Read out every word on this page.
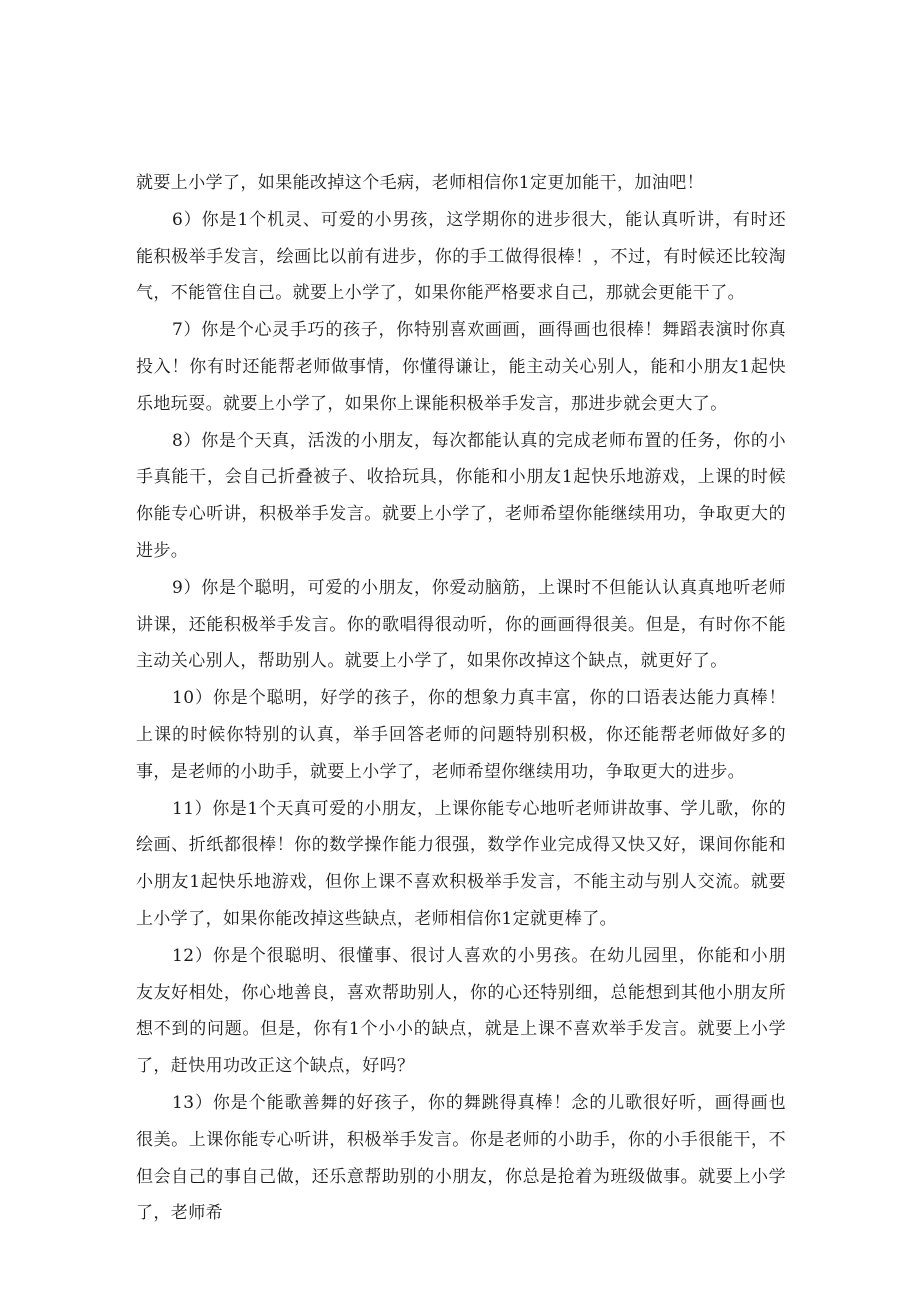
就要上小学了，如果能改掉这个毛病，老师相信你1定更加能干，加油吧！

6）你是1个机灵、可爱的小男孩，这学期你的进步很大，能认真听讲，有时还能积极举手发言，绘画比以前有进步，你的手工做得很棒！，不过，有时候还比较淘气，不能管住自己。就要上小学了，如果你能严格要求自己，那就会更能干了。

7）你是个心灵手巧的孩子，你特别喜欢画画，画得画也很棒！舞蹈表演时你真投入！你有时还能帮老师做事情，你懂得谦让，能主动关心别人，能和小朋友1起快乐地玩耍。就要上小学了，如果你上课能积极举手发言，那进步就会更大了。

8）你是个天真，活泼的小朋友，每次都能认真的完成老师布置的任务，你的小手真能干，会自己折叠被子、收拾玩具，你能和小朋友1起快乐地游戏，上课的时候你能专心听讲，积极举手发言。就要上小学了，老师希望你能继续用功，争取更大的进步。

9）你是个聪明，可爱的小朋友，你爱动脑筋，上课时不但能认认真真地听老师讲课，还能积极举手发言。你的歌唱得很动听，你的画画得很美。但是，有时你不能主动关心别人，帮助别人。就要上小学了，如果你改掉这个缺点，就更好了。

10）你是个聪明，好学的孩子，你的想象力真丰富，你的口语表达能力真棒！上课的时候你特别的认真，举手回答老师的问题特别积极，你还能帮老师做好多的事，是老师的小助手，就要上小学了，老师希望你继续用功，争取更大的进步。

11）你是1个天真可爱的小朋友，上课你能专心地听老师讲故事、学儿歌，你的绘画、折纸都很棒！你的数学操作能力很强，数学作业完成得又快又好，课间你能和小朋友1起快乐地游戏，但你上课不喜欢积极举手发言，不能主动与别人交流。就要上小学了，如果你能改掉这些缺点，老师相信你1定就更棒了。

12）你是个很聪明、很懂事、很讨人喜欢的小男孩。在幼儿园里，你能和小朋友友好相处，你心地善良，喜欢帮助别人，你的心还特别细，总能想到其他小朋友所想不到的问题。但是，你有1个小小的缺点，就是上课不喜欢举手发言。就要上小学了，赶快用功改正这个缺点，好吗？

13）你是个能歌善舞的好孩子，你的舞跳得真棒！念的儿歌很好听，画得画也很美。上课你能专心听讲，积极举手发言。你是老师的小助手，你的小手很能干，不但会自己的事自己做，还乐意帮助别的小朋友，你总是抢着为班级做事。就要上小学了，老师希
